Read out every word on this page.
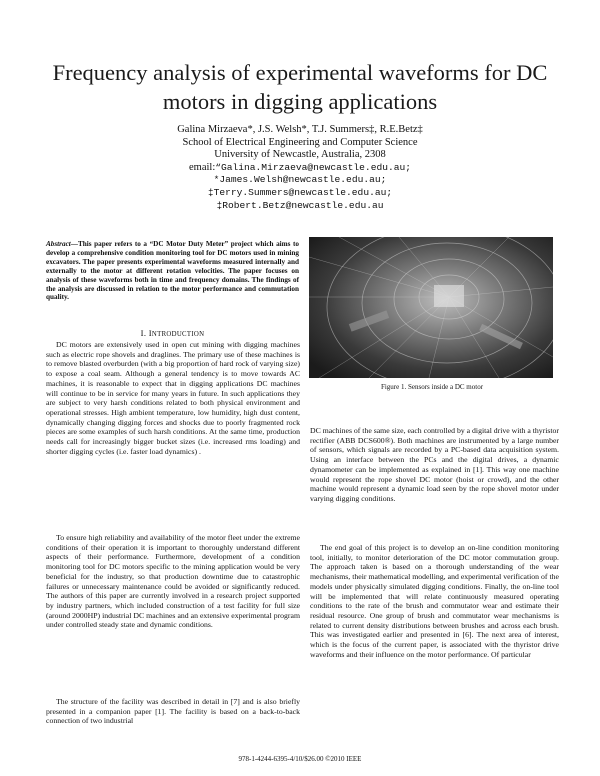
Frequency analysis of experimental waveforms for DC motors in digging applications
Galina Mirzaeva*, J.S. Welsh*, T.J. Summers‡, R.E.Betz‡
School of Electrical Engineering and Computer Science
University of Newcastle, Australia, 2308
email:“Galina.Mirzaeva@newcastle.edu.au;
*James.Welsh@newcastle.edu.au;
‡Terry.Summers@newcastle.edu.au;
‡Robert.Betz@newcastle.edu.au
Abstract—This paper refers to a “DC Motor Duty Meter” project which aims to develop a comprehensive condition monitoring tool for DC motors used in mining excavators. The paper presents experimental waveforms measured internally and externally to the motor at different rotation velocities. The paper focuses on analysis of these waveforms both in time and frequency domains. The findings of the analysis are discussed in relation to the motor performance and commutation quality.
I. INTRODUCTION

DC motors are extensively used in open cut mining with digging machines such as electric rope shovels and draglines. The primary use of these machines is to remove blasted overburden (with a big proportion of hard rock of varying size) to expose a coal seam. Although a general tendency is to move towards AC machines, it is reasonable to expect that in digging applications DC machines will continue to be in service for many years in future. In such applications they are subject to very harsh conditions related to both physical environment and operational stresses. High ambient temperature, low humidity, high dust content, dynamically changing digging forces and shocks due to poorly fragmented rock pieces are some examples of such harsh conditions. At the same time, production needs call for increasingly bigger bucket sizes (i.e. increased rms loading) and shorter digging cycles (i.e. faster load dynamics) .

To ensure high reliability and availability of the motor fleet under the extreme conditions of their operation it is important to thoroughly understand different aspects of their performance. Furthermore, development of a condition monitoring tool for DC motors specific to the mining application would be very beneficial for the industry, so that production downtime due to catastrophic failures or unnecessary maintenance could be avoided or significantly reduced. The authors of this paper are currently involved in a research project supported by industry partners, which included construction of a test facility for full size (around 2000HP) industrial DC machines and an extensive experimental program under controlled steady state and dynamic conditions.

The structure of the facility was described in detail in [7] and is also briefly presented in a companion paper [1]. The facility is based on a back-to-back connection of two industrial

Figure 1. Sensors inside a DC motor

DC machines of the same size, each controlled by a digital drive with a thyristor rectifier (ABB DCS600®). Both machines are instrumented by a large number of sensors, which signals are recorded by a PC-based data acquisition system. Using an interface between the PCs and the digital drives, a dynamic dynamometer can be implemented as explained in [1]. This way one machine would represent the rope shovel DC motor (hoist or crowd), and the other machine would represent a dynamic load seen by the rope shovel motor under varying digging conditions.

The end goal of this project is to develop an on-line condition monitoring tool, initially, to monitor deterioration of the DC motor commutation group. The approach taken is based on a thorough understanding of the wear mechanisms, their mathematical modelling, and experimental verification of the models under physically simulated digging conditions. Finally, the on-line tool will be implemented that will relate continuously measured operating conditions to the rate of the brush and commutator wear and estimate their residual resource. One group of brush and commutator wear mechanisms is related to current density distributions between brushes and across each brush. This was investigated earlier and presented in [6]. The next area of interest, which is the focus of the current paper, is associated with the thyristor drive waveforms and their influence on the motor performance. Of particular

978-1-4244-6395-4/10/$26.00 ©2010 IEEE
